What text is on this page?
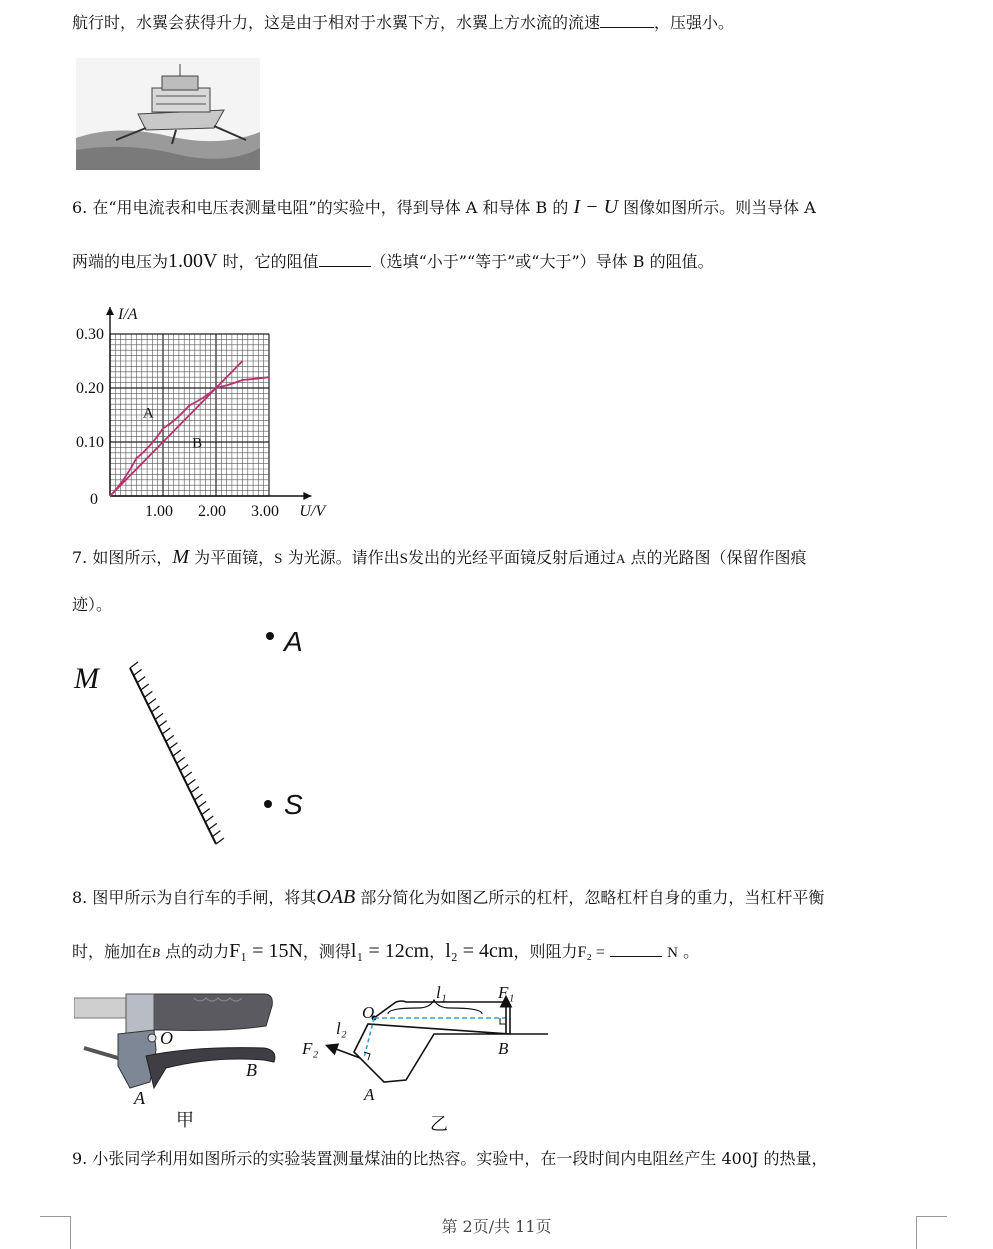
航行时，水翼会获得升力，这是由于相对于水翼下方，水翼上方水流的流速	，压强小。
6. 在“用电流表和电压表测量电阻”的实验中，得到导体 A 和导体 B 的 I − U 图像如图所示。则当导体 A
两端的电压为1.00V 时，它的阻值	（选填“小于”“等于”或“大于”）导体 B 的阻值。
1.00 2.00 3.00
0.10
0.20
0.30
0
U/V
I/A
A
B
7. 如图所示，M 为平面镜，S 为光源。请作出S发出的光经平面镜反射后通过A 点的光路图（保留作图痕
迹）。
A
S
M
8. 图甲所示为自行车的手闸，将其OAB 部分简化为如图乙所示的杠杆，忽略杠杆自身的重力，当杠杆平衡
时，施加在B 点的动力F₁ = 15N，测得l₁ = 12cm，l₂ = 4cm，则阻力F₂ =	N 。
O
A
B
甲
O
A
B
l₁
l₂
F₁
F₂
乙
9. 小张同学利用如图所示的实验装置测量煤油的比热容。实验中，在一段时间内电阻丝产生 400J 的热量，
第 2页/共 11页
